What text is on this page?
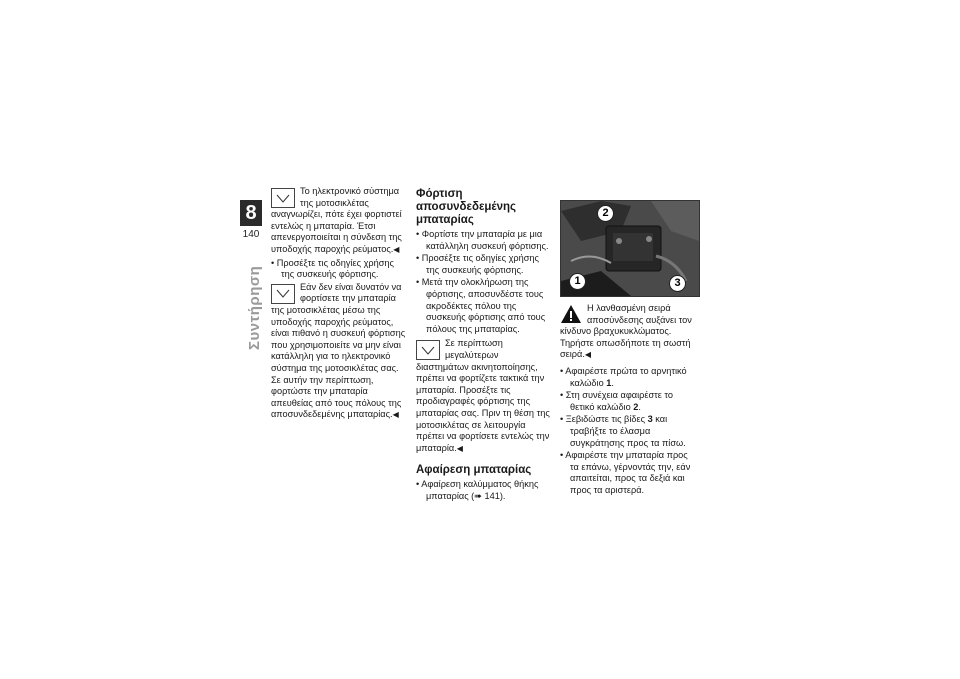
8
140
Συντήρηση

Το ηλεκτρονικό σύστημα της μοτοσικλέτας αναγνωρίζει, πότε έχει φορτιστεί εντελώς η μπαταρία. Έτσι απενεργοποιείται η σύνδεση της υποδοχής παροχής ρεύματος.◀

• Προσέξτε τις οδηγίες χρήσης της συσκευής φόρτισης.

Εάν δεν είναι δυνατόν να φορτίσετε την μπαταρία της μοτοσικλέτας μέσω της υποδοχής παροχής ρεύματος, είναι πιθανό η συσκευή φόρτισης που χρησιμοποιείτε να μην είναι κατάλληλη για το ηλεκτρονικό σύστημα της μοτοσικλέτας σας. Σε αυτήν την περίπτωση, φορτώστε την μπαταρία απευθείας από τους πόλους της αποσυνδεδεμένης μπαταρίας.◀

Φόρτιση αποσυνδεδεμένης μπαταρίας

• Φορτίστε την μπαταρία με μια κατάλληλη συσκευή φόρτισης.

• Προσέξτε τις οδηγίες χρήσης της συσκευής φόρτισης.

• Μετά την ολοκλήρωση της φόρτισης, αποσυνδέστε τους ακροδέκτες πόλου της συσκευής φόρτισης από τους πόλους της μπαταρίας.

Σε περίπτωση μεγαλύτερων διαστημάτων ακινητοποίησης, πρέπει να φορτίζετε τακτικά την μπαταρία. Προσέξτε τις προδιαγραφές φόρτισης της μπαταρίας σας. Πριν τη θέση της μοτοσικλέτας σε λειτουργία πρέπει να φορτίσετε εντελώς την μπαταρία.◀

Αφαίρεση μπαταρίας

• Αφαίρεση καλύμματος θήκης μπαταρίας (➠ 141).

1
2
3

Η λανθασμένη σειρά αποσύνδεσης αυξάνει τον κίνδυνο βραχυκυκλώματος. Τηρήστε οπωσδήποτε τη σωστή σειρά.◀

• Αφαιρέστε πρώτα το αρνητικό καλώδιο 1.

• Στη συνέχεια αφαιρέστε το θετικό καλώδιο 2.

• Ξεβιδώστε τις βίδες 3 και τραβήξτε το έλασμα συγκράτησης προς τα πίσω.

• Αφαιρέστε την μπαταρία προς τα επάνω, γέρνοντάς την, εάν απαιτείται, προς τα δεξιά και προς τα αριστερά.
